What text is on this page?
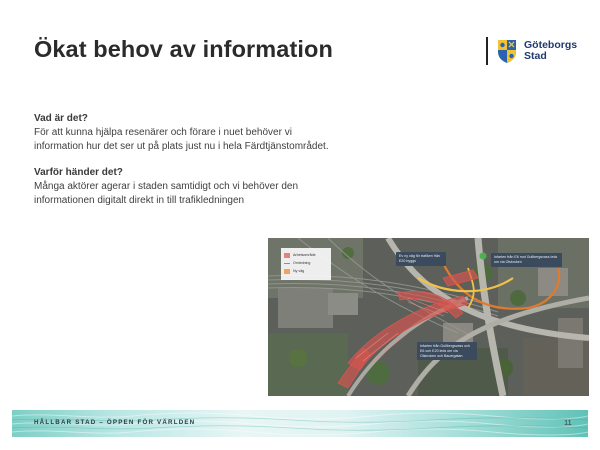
Ökat behov av information	Göteborgs
Stad

Vad är det?

För att kunna hjälpa resenärer och förare i nuet behöver vi

information hur det ser ut på plats just nu i hela Färdtjänstområdet.

Varför händer det?

Många aktörer agerar i staden samtidigt och vi behöver den

informationen digitalt direkt in till trafikledningen

Arbetsområde
Omledning
Ny väg
Ev ny väg för trafiken från E20 byggs
Infarten från E6 mot Gullbergsvass leds om via Olskroken
Infarten från Gullbergsvass och E6 och E20 leds om via Olskroken och Bauergatan
HÅLLBAR STAD – ÖPPEN FÖR VÄRLDEN	11
